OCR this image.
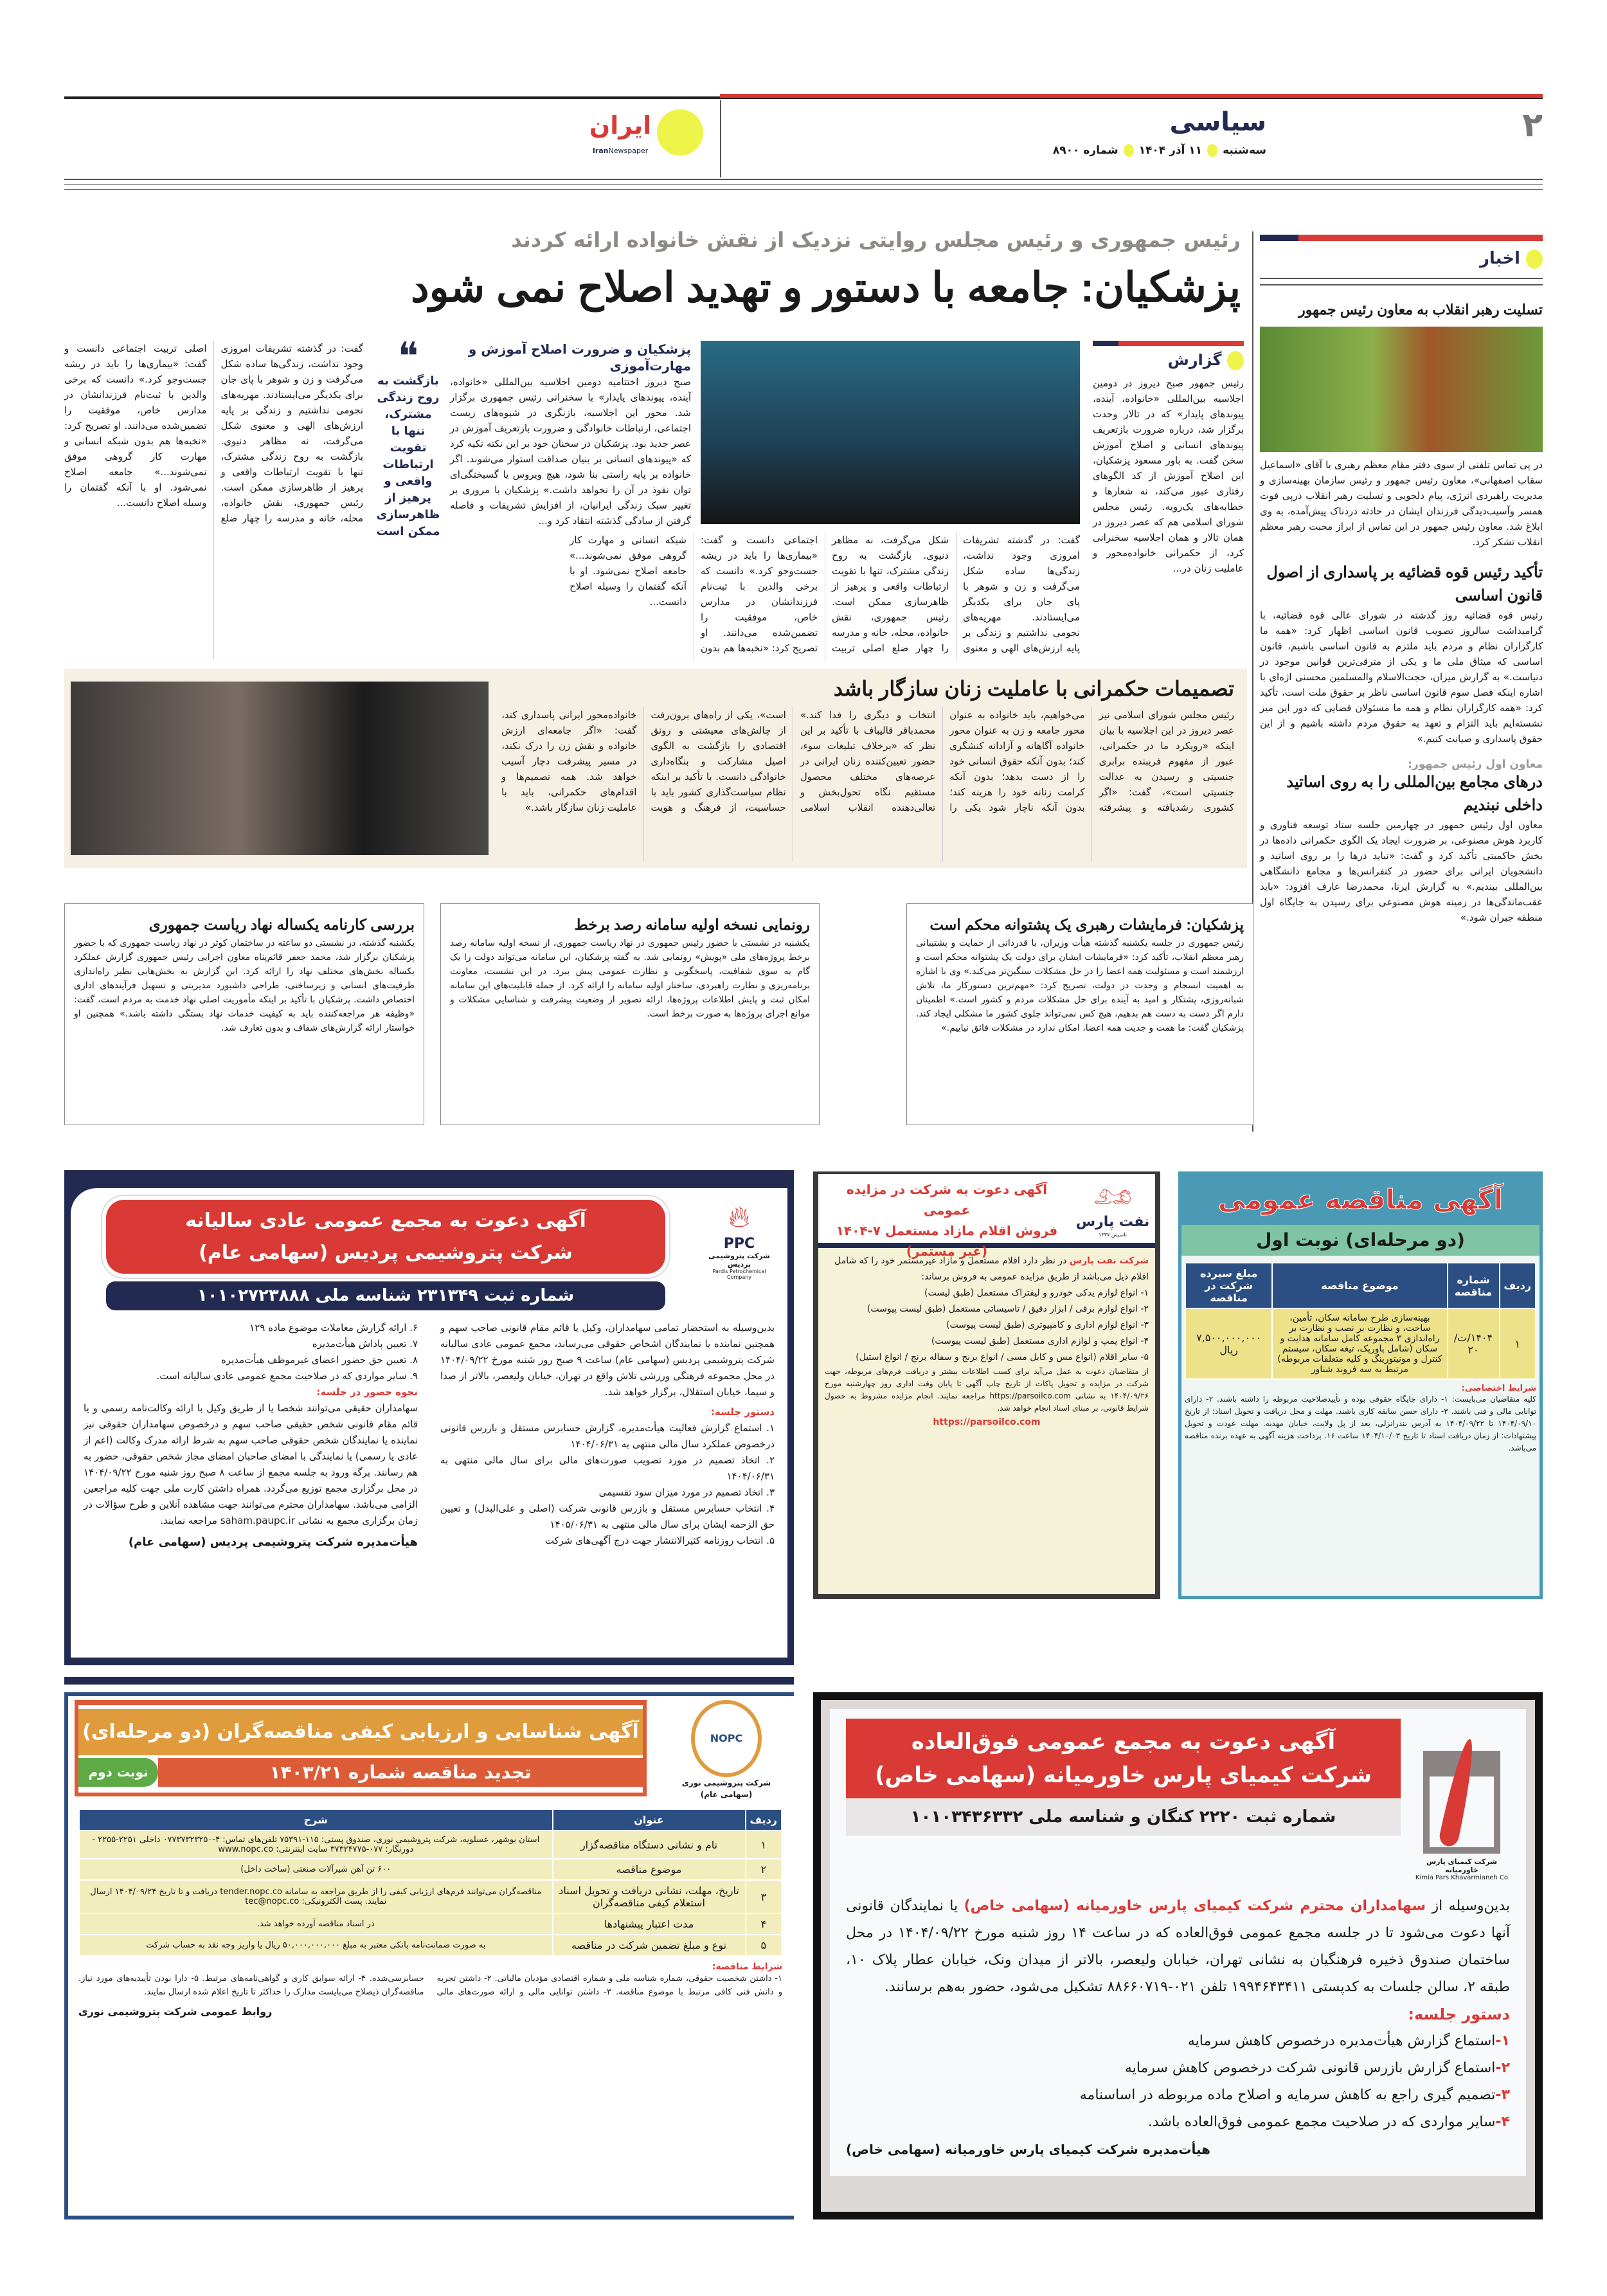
۲
سیاسی
سه‌شنبه
۱۱ آذر ۱۴۰۴
شماره ۸۹۰۰
ایران
IranNewspaper
اخبار
تسلیت رهبر انقلاب به معاون رئیس جمهور
در پی تماس تلفنی از سوی دفتر مقام معظم رهبری با آقای «اسماعیل سقاب اصفهانی»، معاون رئیس جمهور و رئیس سازمان بهینه‌سازی و مدیریت راهبردی انرژی، پیام دلجویی و تسلیت رهبر انقلاب درپی فوت همسر وآسیب‌دیدگی فرزندان ایشان در حادثه دردناک پیش‌آمده، به وی ابلاغ شد. معاون رئیس جمهور در این تماس از ابراز محبت رهبر معظم انقلاب تشکر کرد.
تأکید رئیس قوه قضائیه بر پاسداری از اصول قانون اساسی
رئیس قوه قضائیه روز گذشته در شورای عالی قوه قضائیه، با گرامیداشت سالروز تصویب قانون اساسی اظهار کرد: «همه ما کارگزاران نظام و مردم باید ملتزم به قانون اساسی باشیم، قانون اساسی که میثاق ملی ما و یکی از مترقی‌ترین قوانین موجود در دنیاست.» به گزارش میزان، حجت‌الاسلام والمسلمین محسنی اژه‌ای با اشاره اینکه فصل سوم قانون اساسی ناظر بر حقوق ملت است، تأکید کرد: «همه کارگزاران نظام و همه ما مسئولان قضایی که دور این میز نشسته‌ایم باید التزام و تعهد به حقوق مردم داشته باشیم و از این حقوق پاسداری و صیانت کنیم.»
معاون اول رئیس جمهور:
درهای مجامع بین‌المللی را به روی اساتید داخلی نبندیم
معاون اول رئیس جمهور در چهارمین جلسه ستاد توسعه فناوری و کاربرد هوش مصنوعی، بر ضرورت ایجاد یک الگوی حکمرانی داده‌ها در بخش حاکمیتی تأکید کرد و گفت: «نباید درها را بر روی اساتید و دانشجویان ایرانی برای حضور در کنفرانس‌ها و مجامع دانشگاهی بین‌المللی ببندیم.» به گزارش ایرنا، محمدرضا عارف افزود: «باید عقب‌ماندگی‌ها در زمینه هوش مصنوعی برای رسیدن به جایگاه اول منطقه جبران شود.»
رئیس جمهوری و رئیس مجلس روایتی نزدیک از نقش خانواده ارائه کردند
پزشکیان: جامعه با دستور و تهدید اصلاح نمی شود
گزارش
رئیس جمهور صبح دیروز در دومین اجلاسیه بین‌المللی «خانواده، آینده، پیوندهای پایدار» که در تالار وحدت برگزار شد، درباره ضرورت بازتعریف پیوندهای انسانی و اصلاح آموزش سخن گفت. به باور مسعود پزشکیان، این اصلاح آموزش از کد الگوهای رفتاری عبور می‌کند، نه شعارها و خطابه‌های یک‌رویه. رئیس مجلس شورای اسلامی هم که عصر دیروز در همان تالار و همان اجلاسیه سخنرانی کرد، از حکمرانی خانواده‌محور و عاملیت زنان در...
گفت: در گذشته تشریفات امروزی وجود نداشت، زندگی‌ها ساده شکل می‌گرفت و زن و شوهر با پای جان برای یکدیگر می‌ایستادند. مهریه‌های نجومی نداشتیم و زندگی بر پایه ارزش‌های الهی و معنوی شکل می‌گرفت، نه مظاهر دنیوی. بازگشت به روح زندگی مشترک، تنها با تقویت ارتباطات واقعی و پرهیز از ظاهرسازی ممکن است. رئیس جمهوری، نقش خانواده، محله، خانه و مدرسه را چهار ضلع اصلی تربیت اجتماعی دانست و گفت: «بیماری‌ها را باید در ریشه جست‌وجو کرد.» دانست که برخی والدین با ثبت‌نام فرزندانشان در مدارس خاص، موفقیت را تضمین‌شده می‌دانند. او تصریح کرد: «نخبه‌ها هم بدون شبکه انسانی و مهارت کار گروهی موفق نمی‌شوند...» جامعه اصلاح نمی‌شود. او با آنکه گفتمان را وسیله اصلاح دانست...
پزشکیان و ضرورت اصلاح آموزش و مهارت‌آموزی
صبح دیروز اختتامیه دومین اجلاسیه بین‌المللی «خانواده، آینده، پیوندهای پایدار» با سخنرانی رئیس جمهوری برگزار شد. محور این اجلاسیه، بازنگری در شیوه‌های زیست اجتماعی، ارتباطات خانوادگی و ضرورت بازتعریف آموزش در عصر جدید بود. پزشکیان در سخنان خود بر این نکته تکیه کرد که «پیوندهای انسانی بر بنیان صداقت استوار می‌شوند. اگر خانواده بر پایه راستی بنا شود، هیچ ویروس یا گسیختگی‌ای توان نفوذ در آن را نخواهد داشت.» پزشکیان با مروری بر تغییر سبک زندگی ایرانیان، از افزایش تشریفات و فاصله گرفتن از سادگی گذشته انتقاد کرد و...
❝
بازگشت به روح زندگی مشترک، تنها با تقویت ارتباطات واقعی و پرهیز از ظاهرسازی ممکن است
گفت: در گذشته تشریفات امروزی وجود نداشت، زندگی‌ها ساده شکل می‌گرفت و زن و شوهر با پای جان برای یکدیگر می‌ایستادند. مهریه‌های نجومی نداشتیم و زندگی بر پایه ارزش‌های الهی و معنوی شکل می‌گرفت، نه مظاهر دنیوی. بازگشت به روح زندگی مشترک، تنها با تقویت ارتباطات واقعی و پرهیز از ظاهرسازی ممکن است. رئیس جمهوری، نقش خانواده، محله، خانه و مدرسه را چهار ضلع اصلی تربیت اجتماعی دانست و گفت: «بیماری‌ها را باید در ریشه جست‌وجو کرد.» دانست که برخی والدین با ثبت‌نام فرزندانشان در مدارس خاص، موفقیت را تضمین‌شده می‌دانند. او تصریح کرد: «نخبه‌ها هم بدون شبکه انسانی و مهارت کار گروهی موفق نمی‌شوند...» جامعه اصلاح نمی‌شود. او با آنکه گفتمان را وسیله اصلاح دانست...
تصمیمات حکمرانی با عاملیت زنان سازگار باشد
رئیس مجلس شورای اسلامی نیز عصر دیروز در این اجلاسیه با بیان اینکه «رویکرد ما در حکمرانی، عبور از مفهوم فریبنده برابری جنسیتی و رسیدن به عدالت جنسیتی است»، گفت: «اگر کشوری رشدیافته و پیشرفته می‌خواهیم، باید خانواده به عنوان محور جامعه و زن به عنوان محور خانواده آگاهانه و آزادانه کنشگری کند؛ بدون آنکه حقوق انسانی خود را از دست بدهد؛ بدون آنکه کرامت زنانه خود را هزینه کند؛ بدون آنکه ناچار شود یکی را انتخاب و دیگری را فدا کند.» محمدباقر قالیباف با تأکید بر این نظر که «برخلاف تبلیغات سوء، حضور تعیین‌کننده زنان ایرانی در عرصه‌های مختلف محصول مستقیم نگاه تحول‌بخش و تعالی‌دهنده انقلاب اسلامی است»، یکی از راه‌های برون‌رفت از چالش‌های معیشتی و رونق اقتصادی را بازگشت به الگوی اصیل مشارکت و بنگاه‌داری خانوادگی دانست. با تأکید بر اینکه نظام سیاست‌گذاری کشور باید با حساسیت، از فرهنگ و هویت خانواده‌محور ایرانی پاسداری کند، گفت: «اگر جامعه‌ای ارزش خانواده و نقش زن را درک نکند، در مسیر پیشرفت دچار آسیب خواهد شد. همه تصمیم‌ها و اقدام‌های حکمرانی، باید با عاملیت زنان سازگار باشد.»
پزشکیان: فرمایشات رهبری یک پشتوانه محکم است
رئیس جمهوری در جلسه یکشنبه گذشته هیأت وزیران، با قدردانی از حمایت و پشتیبانی رهبر معظم انقلاب، تأکید کرد: «فرمایشات ایشان برای دولت یک پشتوانه محکم است و ارزشمند است و مسئولیت همه اعضا را در حل مشکلات سنگین‌تر می‌کند.» وی با اشاره به اهمیت انسجام و وحدت در دولت، تصریح کرد: «مهم‌ترین دستورکار ما، تلاش شبانه‌روزی، پشتکار و امید به آینده برای حل مشکلات مردم و کشور است.» اطمینان دارم اگر دست به دست هم بدهیم، هیچ کس نمی‌تواند جلوی کشور ما مشکلی ایجاد کند. پزشکیان گفت: ما همت و جدیت همه اعضا، امکان ندارد در مشکلات فائق نیاییم.»
رونمایی نسخه اولیه سامانه رصد برخط
یکشنبه در نشستی با حضور رئیس جمهوری در نهاد ریاست جمهوری، از نسخه اولیه سامانه رصد برخط پروژه‌های ملی «پویش» رونمایی شد. به گفته پزشکیان، این سامانه می‌تواند دولت را یک گام به سوی شفافیت، پاسخگویی و نظارت عمومی پیش ببرد. در این نشست، معاونت برنامه‌ریزی و نظارت راهبردی، ساختار اولیه سامانه را ارائه کرد. از جمله قابلیت‌های این سامانه امکان ثبت و پایش اطلاعات پروژه‌ها، ارائه تصویر از وضعیت پیشرفت و شناسایی مشکلات و موانع اجرای پروژه‌ها به صورت برخط است.
بررسی کارنامه یکساله نهاد ریاست جمهوری
یکشنبه گذشته، در نشستی دو ساعته در ساختمان کوثر در نهاد ریاست جمهوری که با حضور پزشکیان برگزار شد، محمد جعفر قائم‌پناه معاون اجرایی رئیس جمهوری گزارش عملکرد یکساله بخش‌های مختلف نهاد را ارائه کرد. این گزارش به بخش‌هایی نظیر راه‌اندازی ظرفیت‌های انسانی و زیرساختی، طراحی داشبورد مدیریتی و تسهیل فرآیندهای اداری اختصاص داشت. پزشکیان با تأکید بر اینکه مأموریت اصلی نهاد خدمت به مردم است، گفت: «وظیفه هر مراجعه‌کننده باید به کیفیت خدمات نهاد بستگی داشته باشد.» همچنین او خواستار ارائه گزارش‌های شفاف و بدون تعارف شد.
آگهی دعوت به مجمع عمومی عادی سالیانه
شرکت پتروشیمی پردیس (سهامی عام)
شماره ثبت ۲۳۱۳۴۹ شناسه ملی ۱۰۱۰۲۷۲۳۸۸۸
🔥︎
PPC
شرکت پتروشیمی پردیس
Pardis Petrochemical Company
بدین‌وسیله به استحضار تمامی سهامداران، وکیل یا قائم مقام قانونی صاحب سهم و همچنین نماینده یا نمایندگان اشخاص حقوقی می‌رساند، مجمع عمومی عادی سالیانه شرکت پتروشیمی پردیس (سهامی عام) ساعت ۹ صبح روز شنبه مورخ ۱۴۰۴/۰۹/۲۲ در محل مجموعه فرهنگی ورزشی تلاش واقع در تهران، خیابان ولیعصر، بالاتر از صدا و سیما، خیابان استقلال، برگزار خواهد شد.
دستور جلسه:
۱. استماع گزارش فعالیت هیأت‌مدیره، گزارش حسابرس مستقل و بازرس قانونی درخصوص عملکرد سال مالی منتهی به ۱۴۰۴/۰۶/۳۱
۲. اتخاذ تصمیم در مورد تصویب صورت‌های مالی برای سال مالی منتهی به ۱۴۰۴/۰۶/۳۱
۳. اتخاذ تصمیم در مورد میزان سود تقسیمی
۴. انتخاب حسابرس مستقل و بازرس قانونی شرکت (اصلی و علی‌البدل) و تعیین حق الزحمه ایشان برای سال مالی منتهی به ۱۴۰۵/۰۶/۳۱
۵. انتخاب روزنامه کثیرالانتشار جهت درج آگهی‌های شرکت
۶. ارائه گزارش معاملات موضوع ماده ۱۲۹
۷. تعیین پاداش هیأت‌مدیره
۸. تعیین حق حضور اعضای غیرموظف هیأت‌مدیره
۹. سایر مواردی که در صلاحیت مجمع عمومی عادی سالیانه است.
نحوه حضور در جلسه:
سهامداران حقیقی می‌توانند شخصا یا از طریق وکیل با ارائه وکالت‌نامه رسمی و یا قائم مقام قانونی شخص حقیقی صاحب سهم و درخصوص سهامداران حقوقی نیز نماینده یا نمایندگان شخص حقوقی صاحب سهم به شرط ارائه مدرک وکالت (اعم از عادی یا رسمی) یا نمایندگی با امضای صاحبان امضای مجاز شخص حقوقی، حضور به هم رسانند. برگه ورود به جلسه مجمع از ساعت ۸ صبح روز شنبه مورخ ۱۴۰۴/۰۹/۲۲ در محل برگزاری مجمع توزیع می‌گردد. همراه داشتن کارت ملی جهت کلیه مراجعین الزامی می‌باشد. سهامداران محترم می‌توانند جهت مشاهده آنلاین و طرح سؤالات در زمان برگزاری مجمع به نشانی saham.paupc.ir مراجعه نمایند.
هیأت‌مدیره شرکت پتروشیمی پردیس (سهامی عام)
𓃭︎
نفت پارس
تاسیس ۱۳۳۷
آگهی دعوت به شرکت در مزایده عمومی
فروش اقلام مازاد مستعمل ۷-۱۴۰۴
(غیر مستمر)
شرکت نفت پارس در نظر دارد اقلام مستعمل و مازاد غیرمستمر خود را که شامل اقلام ذیل می‌باشد از طریق مزایده عمومی به فروش برساند:
۱- انواع لوازم یدکی خودرو و لیفتراک مستعمل (طبق لیست)
۲- انواع لوازم برقی / ابزار دقیق / تاسیساتی مستعمل (طبق لیست پیوست)
۳- انواع لوازم اداری و کامپیوتری (طبق لیست پیوست)
۴- انواع پمپ و لوازم اداری مستعمل (طبق لیست پیوست)
۵- سایر اقلام (انواع مس و کابل مسی / انواع برنج و سفاله برنج / انواع استیل)
از متقاضیان دعوت به عمل می‌آید برای کسب اطلاعات بیشتر و دریافت فرم‌های مربوطه، جهت شرکت در مزایده و تحویل پاکات از تاریخ چاپ آگهی تا پایان وقت اداری روز چهارشنبه مورخ ۱۴۰۴/۰۹/۲۶ به نشانی https://parsoilco.com مراجعه نمایند. انجام مزایده مشروط به حصول شرایط قانونی، بر مبنای اسناد انجام خواهد شد.
https://parsoilco.com
آگهی مناقصه عمومی
(دو مرحله‌ای) نوبت اول
ردیف	شماره مناقصه	موضوع مناقصه	مبلغ سپرده شرکت در مناقصه
۱	۱۴۰۴/ت/۲۰	بهینه‌سازی طرح سامانه سکان، تأمین، ساخت، و نظارت بر نصب و نظارت بر راه‌اندازی ۳ مجموعه کامل سامانه هدایت و سکان (شامل پاورپک، تیغه سکان، سیستم کنترل و مونیتورینگ و کلیه متعلقات مربوطه) مرتبط به سه فروند شناور	۷,۵۰۰,۰۰۰,۰۰۰ ریال
شرایط اختصاصی:
کلیه متقاضیان می‌بایست: ۱- دارای جایگاه حقوقی بوده و تأییدصلاحیت مربوطه را داشته باشند. ۲- دارای توانایی مالی و فنی باشند. ۳- دارای حسن سابقه کاری باشند. مهلت و محل دریافت و تحویل اسناد: از تاریخ ۱۴۰۴/۰۹/۱۰ تا ۱۴۰۴/۰۹/۲۲ به آدرس بندرانزلی، بعد از پل ولایت، خیابان مهدیه. مهلت عودت و تحویل پیشنهادات: از زمان دریافت اسناد تا تاریخ ۱۴۰۴/۱۰/۰۳ ساعت ۱۶. پرداخت هزینه آگهی به عهده برنده مناقصه می‌باشد.
آگهی شناسایی و ارزیابی کیفی مناقصه‌گران (دو مرحله‌ای)
تجدید مناقصه شماره ۱۴۰۳/۲۱
نوبت دوم
NOPC
شرکت پتروشیمی نوری (سهامی عام)
ردیف	عنوان	شرح
۱	نام و نشانی دستگاه مناقصه‌گزار	استان بوشهر، عسلویه، شرکت پتروشیمی نوری، صندوق پستی: ۱۱۵-۷۵۳۹۱ تلفن‌های تماس: ۴-۰۷۷۳۷۳۲۳۲۵۰ داخلی ۲۲۵۱-۲۲۵۵ - دورنگار: ۰۷۷-۳۷۳۲۴۷۷۵ سایت اینترنتی: www.nopc.co
۲	موضوع مناقصه	۶۰۰ تن آهن شیرآلات صنعتی (ساخت داخل)
۳	تاریخ، مهلت، نشانی دریافت و تحویل اسناد استعلام کیفی مناقصه‌گران	مناقصه‌گران می‌توانند فرم‌های ارزیابی کیفی را از طریق مراجعه به سامانه tender.nopc.co دریافت و تا تاریخ ۱۴۰۴/۰۹/۲۴ ارسال نمایند. پست الکترونیکی: tec@nopc.co
۴	مدت اعتبار پیشنهادها	در اسناد مناقصه آورده خواهد شد.
۵	نوع و مبلغ تضمین شرکت در مناقصه	به صورت ضمانت‌نامه بانکی معتبر به مبلغ ۵۰,۰۰۰,۰۰۰,۰۰۰ ریال یا واریز وجه نقد به حساب شرکت
شرایط مناقصه:
۱- داشتن شخصیت حقوقی، شماره شناسه ملی و شماره اقتصادی مؤدیان مالیاتی. ۲- داشتن تجربه و دانش فنی کافی مرتبط با موضوع مناقصه. ۳- داشتن توانایی مالی و ارائه صورت‌های مالی حسابرسی‌شده. ۴- ارائه سوابق کاری و گواهی‌نامه‌های مرتبط. ۵- دارا بودن تأییدیه‌های مورد نیاز. مناقصه‌گران ذیصلاح می‌بایست مدارک را حداکثر تا تاریخ اعلام شده ارسال نمایند.
روابط عمومی شرکت پتروشیمی نوری
شرکت کیمیای پارس خاورمیانه
Kimia Pars Khavarmianeh Co
آگهی دعوت به مجمع عمومی فوق‌العاده
شرکت کیمیای پارس خاورمیانه (سهامی خاص)
شماره ثبت ۲۲۲۰ کنگان و شناسه ملی ۱۰۱۰۳۴۳۶۳۳۲
بدین‌وسیله از سهامداران محترم شرکت کیمیای پارس خاورمیانه (سهامی خاص) یا نمایندگان قانونی آنها دعوت می‌شود تا در جلسه مجمع عمومی فوق‌العاده که در ساعت ۱۴ روز شنبه مورخ ۱۴۰۴/۰۹/۲۲ در محل ساختمان صندوق ذخیره فرهنگیان به نشانی تهران، خیابان ولیعصر، بالاتر از میدان ونک، خیابان عطار پلاک ۱۰، طبقه ۲، سالن جلسات به کدپستی ۱۹۹۴۶۴۳۴۱۱ تلفن ۰۲۱-۸۸۶۶۰۷۱۹ تشکیل می‌شود، حضور به‌هم برسانند.
دستور جلسه:
۱-استماع گزارش هیأت‌مدیره درخصوص کاهش سرمایه
۲-استماع گزارش بازرس قانونی شرکت درخصوص کاهش سرمایه
۳-تصمیم گیری راجع به کاهش سرمایه و اصلاح ماده مربوطه در اساسنامه
۴-سایر مواردی که در صلاحیت مجمع عمومی فوق‌العاده باشد.
هیأت‌مدیره شرکت کیمیای پارس خاورمیانه (سهامی خاص)
